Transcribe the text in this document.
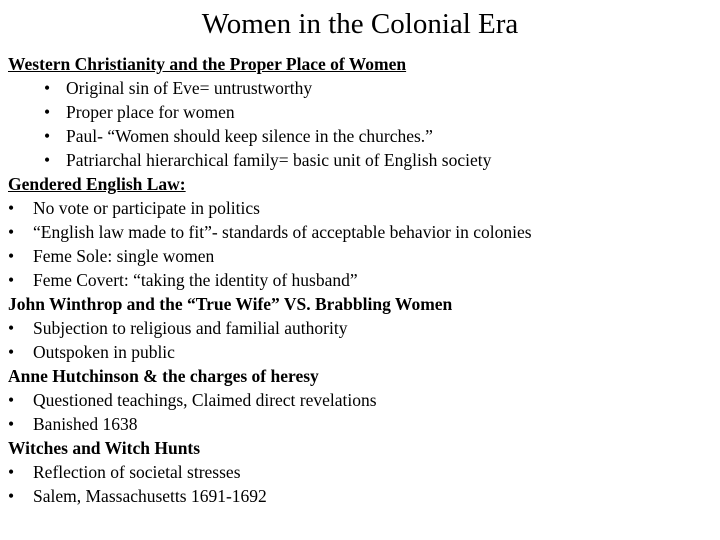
Women in the Colonial Era
Western Christianity and the Proper Place of Women
• Original sin of Eve= untrustworthy
• Proper place for women
• Paul- “Women should keep silence in the churches.”
• Patriarchal hierarchical family= basic unit of English society
Gendered English Law:
•	No vote or participate in politics
•	“English law made to fit”- standards of acceptable behavior in colonies
•	Feme Sole: single women
•	Feme Covert: “taking the identity of husband”
John Winthrop and the “True Wife” VS. Brabbling Women
•	Subjection to religious and familial authority
•	Outspoken in public
Anne Hutchinson & the charges of heresy
•	Questioned teachings, Claimed direct revelations
•	Banished 1638
Witches and Witch Hunts
•	Reflection of societal stresses
•	Salem, Massachusetts 1691-1692
